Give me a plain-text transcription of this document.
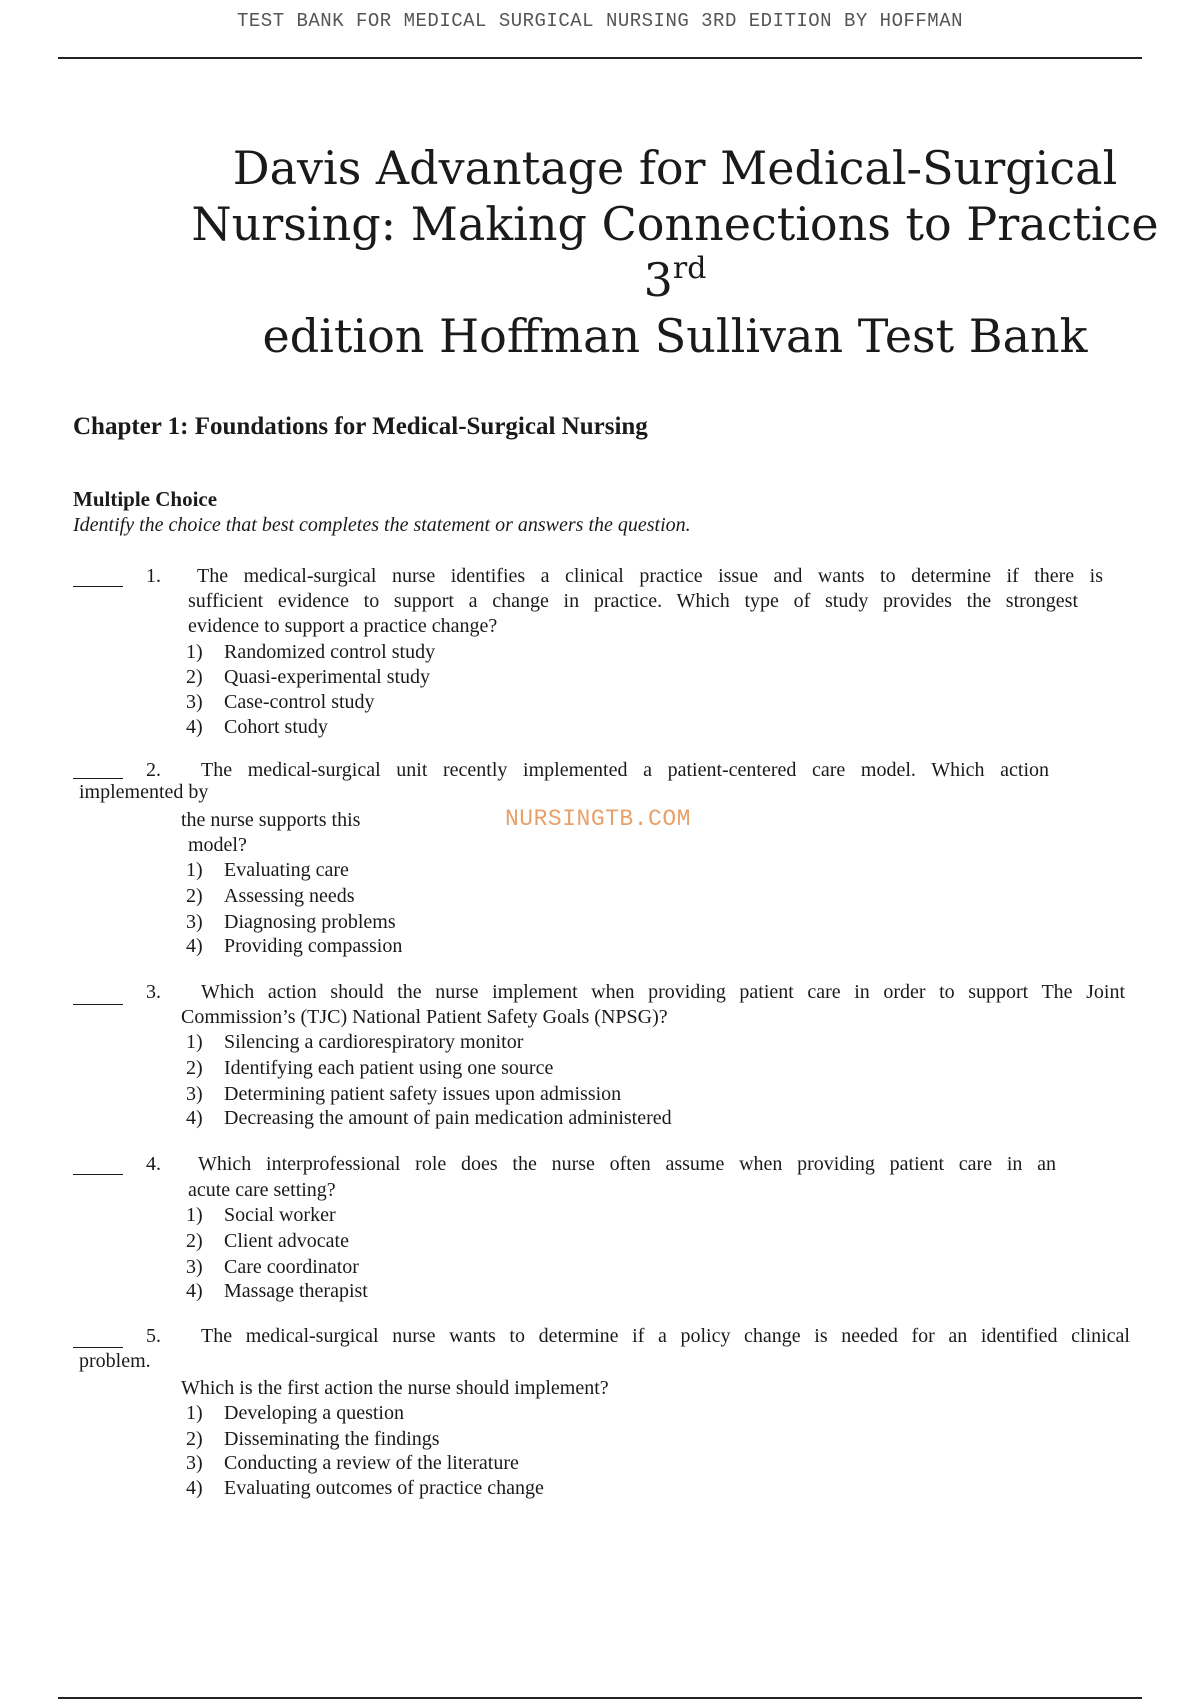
TEST BANK FOR MEDICAL SURGICAL NURSING 3RD EDITION BY HOFFMAN
Davis Advantage for Medical-Surgical
Nursing: Making Connections to Practice 3rd
edition Hoffman Sullivan Test Bank
Chapter 1: Foundations for Medical-Surgical Nursing
Multiple Choice
Identify the choice that best completes the statement or answers the question.
1. The medical-surgical nurse identifies a clinical practice issue and wants to determine if there is
sufficient evidence to support a change in practice. Which type of study provides the strongest
evidence to support a practice change?
1) Randomized control study
2) Quasi-experimental study
3) Case-control study
4) Cohort study
2. The medical-surgical unit recently implemented a patient-centered care model. Which action
implemented by
the nurse supports this
model?
1) Evaluating care
2) Assessing needs
3) Diagnosing problems
4) Providing compassion
NURSINGTB.COM
3. Which action should the nurse implement when providing patient care in order to support The Joint
Commission’s (TJC) National Patient Safety Goals (NPSG)?
1) Silencing a cardiorespiratory monitor
2) Identifying each patient using one source
3) Determining patient safety issues upon admission
4) Decreasing the amount of pain medication administered
4. Which interprofessional role does the nurse often assume when providing patient care in an
acute care setting?
1) Social worker
2) Client advocate
3) Care coordinator
4) Massage therapist
5. The medical-surgical nurse wants to determine if a policy change is needed for an identified clinical
problem.
Which is the first action the nurse should implement?
1) Developing a question
2) Disseminating the findings
3) Conducting a review of the literature
4) Evaluating outcomes of practice change
